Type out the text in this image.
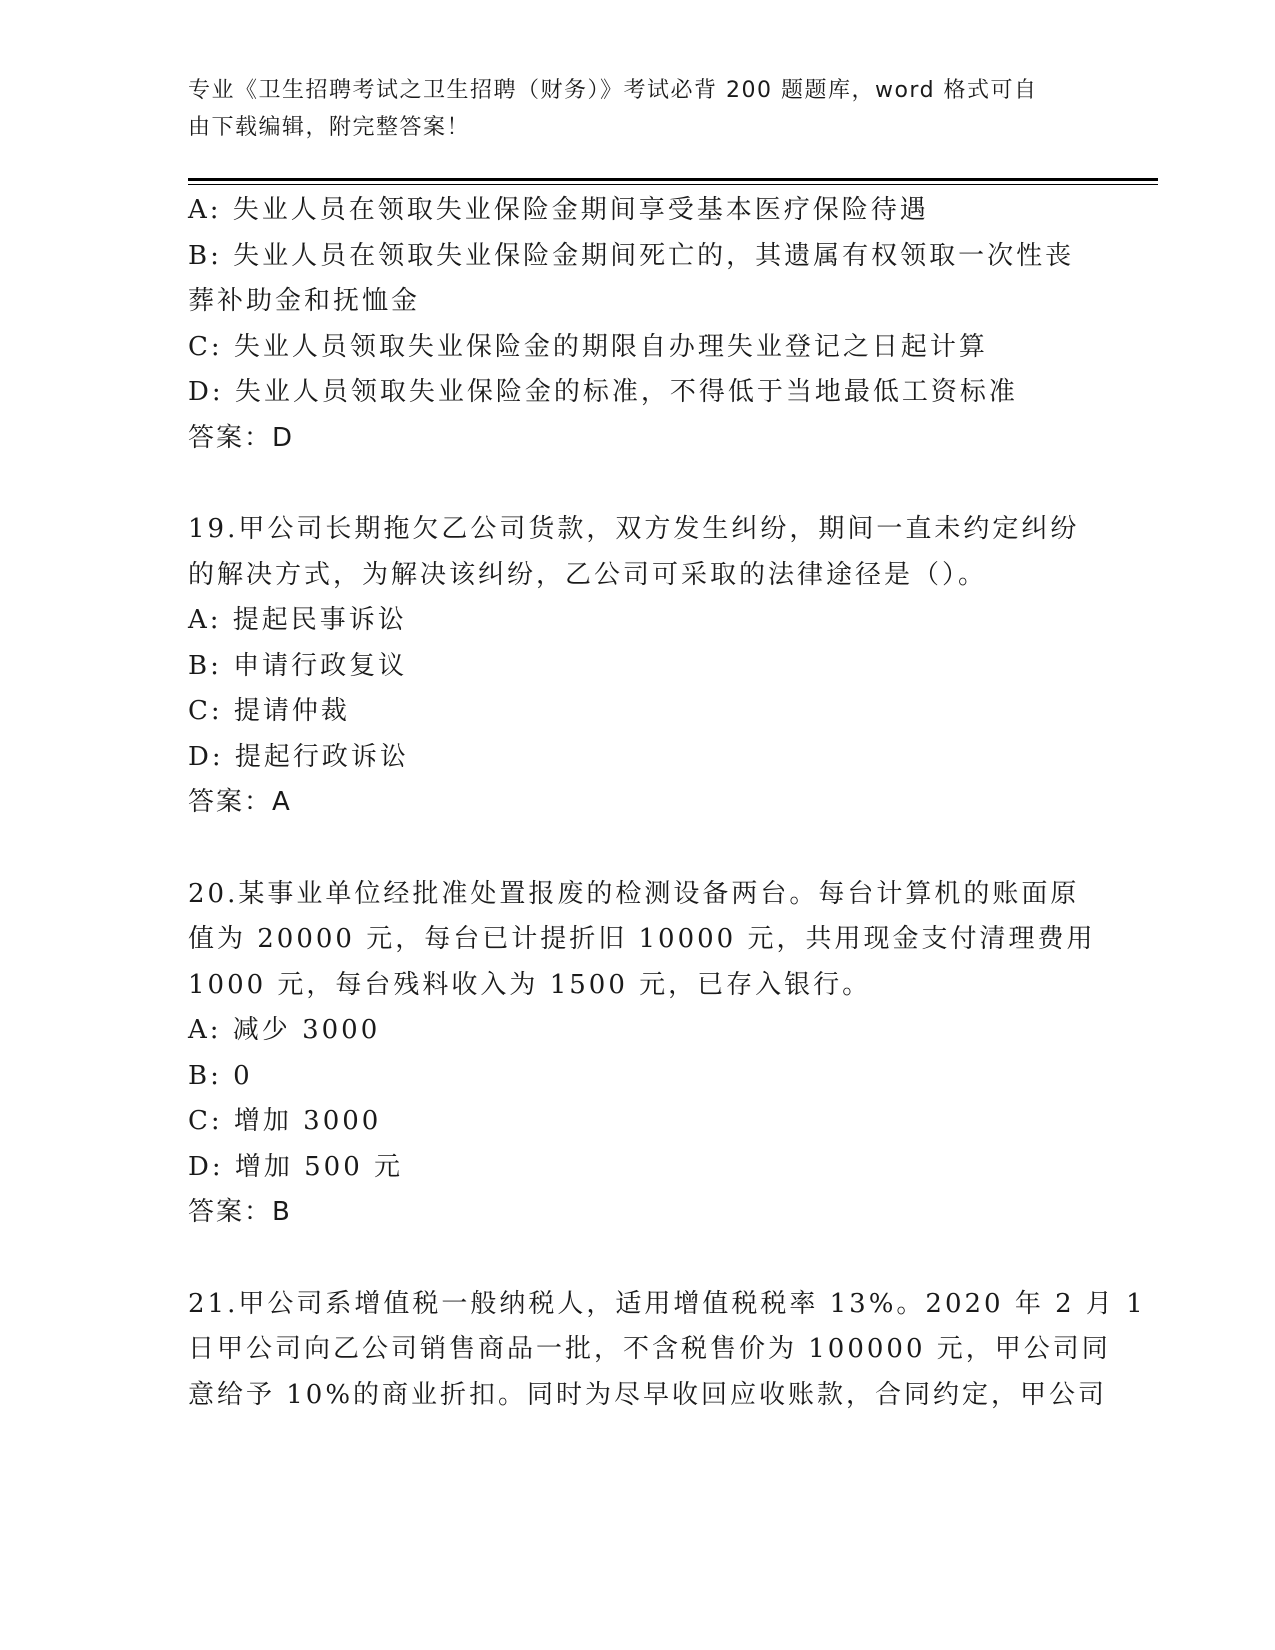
专业《卫生招聘考试之卫生招聘（财务）》考试必背 200 题题库，word 格式可自
由下载编辑，附完整答案！
A: 失业人员在领取失业保险金期间享受基本医疗保险待遇
B: 失业人员在领取失业保险金期间死亡的，其遗属有权领取一次性丧
葬补助金和抚恤金
C: 失业人员领取失业保险金的期限自办理失业登记之日起计算
D: 失业人员领取失业保险金的标准，不得低于当地最低工资标准
答案：D
19.甲公司长期拖欠乙公司货款，双方发生纠纷，期间一直未约定纠纷
的解决方式，为解决该纠纷，乙公司可采取的法律途径是（）。
A: 提起民事诉讼
B: 申请行政复议
C: 提请仲裁
D: 提起行政诉讼
答案：A
20.某事业单位经批准处置报废的检测设备两台。每台计算机的账面原
值为 20000 元，每台已计提折旧 10000 元，共用现金支付清理费用
1000 元，每台残料收入为 1500 元，已存入银行。
A: 减少 3000
B: 0
C: 增加 3000
D: 增加 500 元
答案：B
21.甲公司系增值税一般纳税人，适用增值税税率 13%。2020 年 2 月 1
日甲公司向乙公司销售商品一批，不含税售价为 100000 元，甲公司同
意给予 10%的商业折扣。同时为尽早收回应收账款，合同约定，甲公司
